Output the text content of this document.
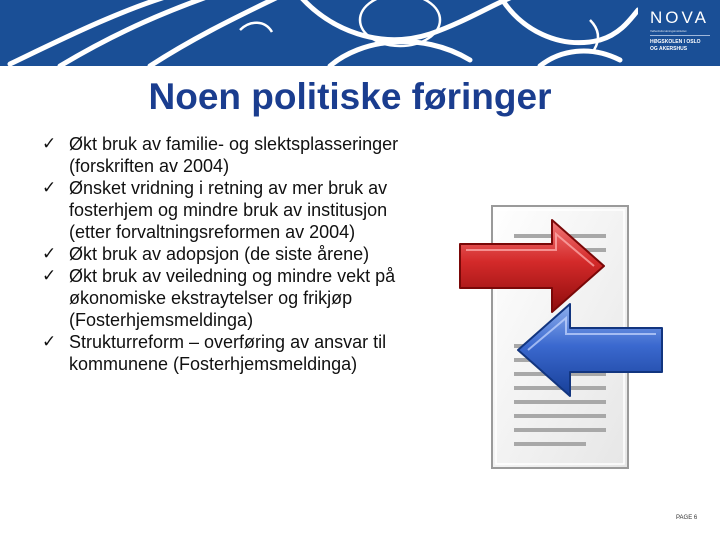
NOVA
Velferdsforskningsinstituttet
HØGSKOLEN I OSLO
OG AKERSHUS
Noen politiske føringer
✓ Økt bruk av familie- og slektsplasseringer (forskriften av 2004)
✓ Ønsket vridning i retning av mer bruk av fosterhjem og mindre bruk av institusjon (etter forvaltningsreformen av 2004)
✓ Økt bruk av adopsjon (de siste årene)
✓ Økt bruk av veiledning og mindre vekt på økonomiske ekstraytelser og frikjøp (Fosterhjemsmeldinga)
✓ Strukturreform – overføring av ansvar til kommunene (Fosterhjemsmeldinga)
PAGE 6
